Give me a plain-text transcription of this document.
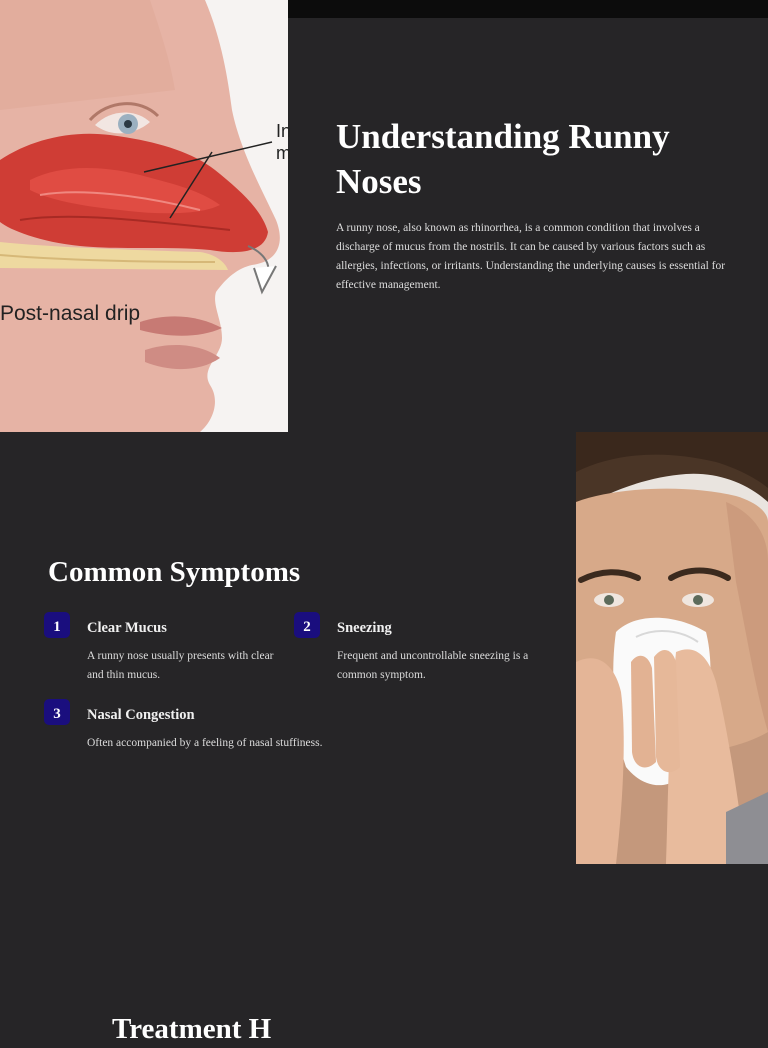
In
m
Post-nasal drip
Understanding Runny Noses

A runny nose, also known as rhinorrhea, is a common condition that involves a discharge of mucus from the nostrils. It can be caused by various factors such as allergies, infections, or irritants. Understanding the underlying causes is essential for effective management.

Common Symptoms
1	Clear Mucus

A runny nose usually presents with clear and thin mucus.

2	Sneezing

Frequent and uncontrollable sneezing is a common symptom.

3	Nasal Congestion

Often accompanied by a feeling of nasal stuffiness.

Treatment H
